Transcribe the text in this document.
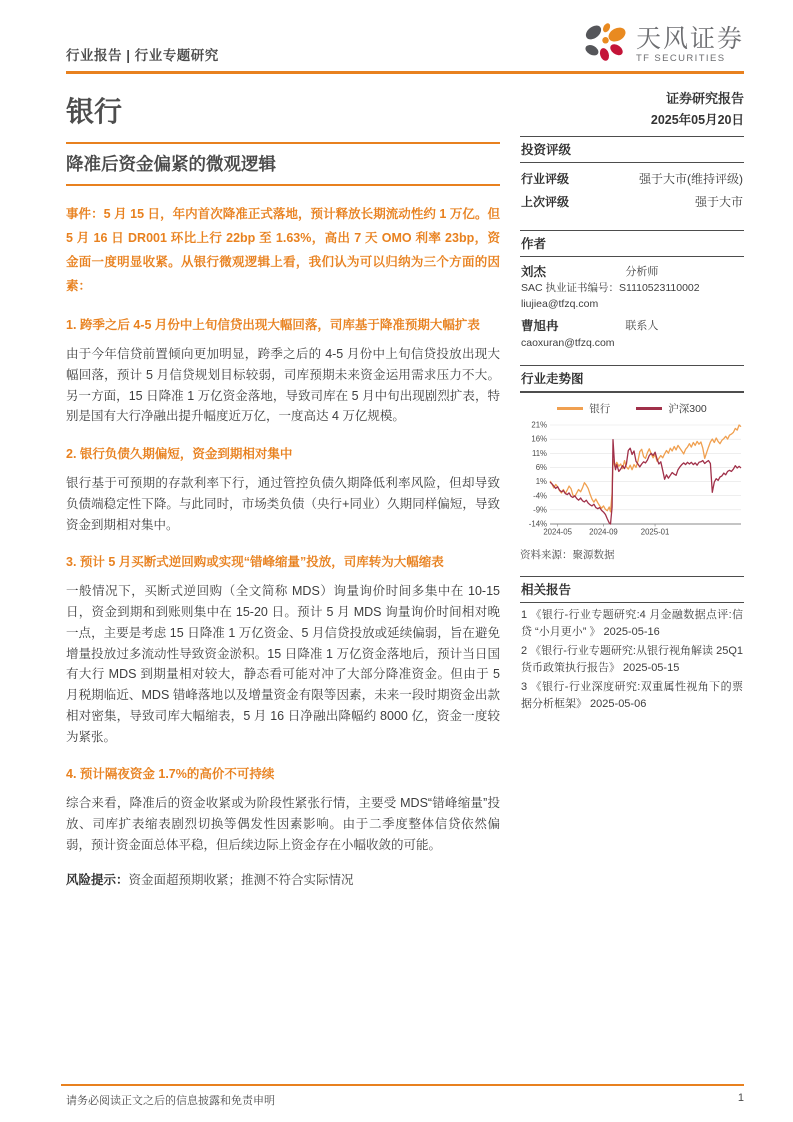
行业报告 | 行业专题研究
天风证券
TF SECURITIES
银行
降准后资金偏紧的微观逻辑

事件：5 月 15 日，年内首次降准正式落地，预计释放长期流动性约 1 万亿。但 5 月 16 日 DR001 环比上行 22bp 至 1.63%，高出 7 天 OMO 利率 23bp，资金面一度明显收紧。从银行微观逻辑上看，我们认为可以归纳为三个方面的因素：

1. 跨季之后 4-5 月份中上旬信贷出现大幅回落，司库基于降准预期大幅扩表

由于今年信贷前置倾向更加明显，跨季之后的 4-5 月份中上旬信贷投放出现大幅回落，预计 5 月信贷规划目标较弱，司库预期未来资金运用需求压力不大。另一方面，15 日降准 1 万亿资金落地，导致司库在 5 月中旬出现剧烈扩表，特别是国有大行净融出提升幅度近万亿，一度高达 4 万亿规模。

2. 银行负债久期偏短，资金到期相对集中

银行基于可预期的存款利率下行，通过管控负债久期降低利率风险，但却导致负债端稳定性下降。与此同时，市场类负债（央行+同业）久期同样偏短，导致资金到期相对集中。

3. 预计 5 月买断式逆回购或实现“错峰缩量”投放，司库转为大幅缩表

一般情况下，买断式逆回购（全文简称 MDS）询量询价时间多集中在 10-15 日，资金到期和到账则集中在 15-20 日。预计 5 月 MDS 询量询价时间相对晚一点，主要是考虑 15 日降准 1 万亿资金、5 月信贷投放或延续偏弱，旨在避免增量投放过多流动性导致资金淤积。15 日降准 1 万亿资金落地后，预计当日国有大行 MDS 到期量相对较大，静态看可能对冲了大部分降准资金。但由于 5 月税期临近、MDS 错峰落地以及增量资金有限等因素，未来一段时期资金出款相对密集，导致司库大幅缩表，5 月 16 日净融出降幅约 8000 亿，资金一度较为紧张。

4. 预计隔夜资金 1.7%的高价不可持续

综合来看，降准后的资金收紧或为阶段性紧张行情，主要受 MDS“错峰缩量”投放、司库扩表缩表剧烈切换等偶发性因素影响。由于二季度整体信贷依然偏弱，预计资金面总体平稳，但后续边际上资金存在小幅收敛的可能。

风险提示：资金面超预期收紧；推测不符合实际情况

证券研究报告
2025年05月20日
投资评级
行业评级	强于大市(维持评级)
上次评级	强于大市
作者
刘杰	分析师
SAC 执业证书编号：S1110523110002
liujiea@tfzq.com
曹旭冉	联系人
caoxuran@tfzq.com
行业走势图
银行	沪深300
21%
16%
11%
6%
1%
-4%
-9%
-14%
2024-05 2024-09	2025-01
资料来源：聚源数据
相关报告
1 《银行-行业专题研究:4 月金融数据点评:信贷 “小月更小” 》 2025-05-16
2 《银行-行业专题研究:从银行视角解读 25Q1 货币政策执行报告》 2025-05-15
3 《银行-行业深度研究:双重属性视角下的票据分析框架》 2025-05-06
请务必阅读正文之后的信息披露和免责申明	1
